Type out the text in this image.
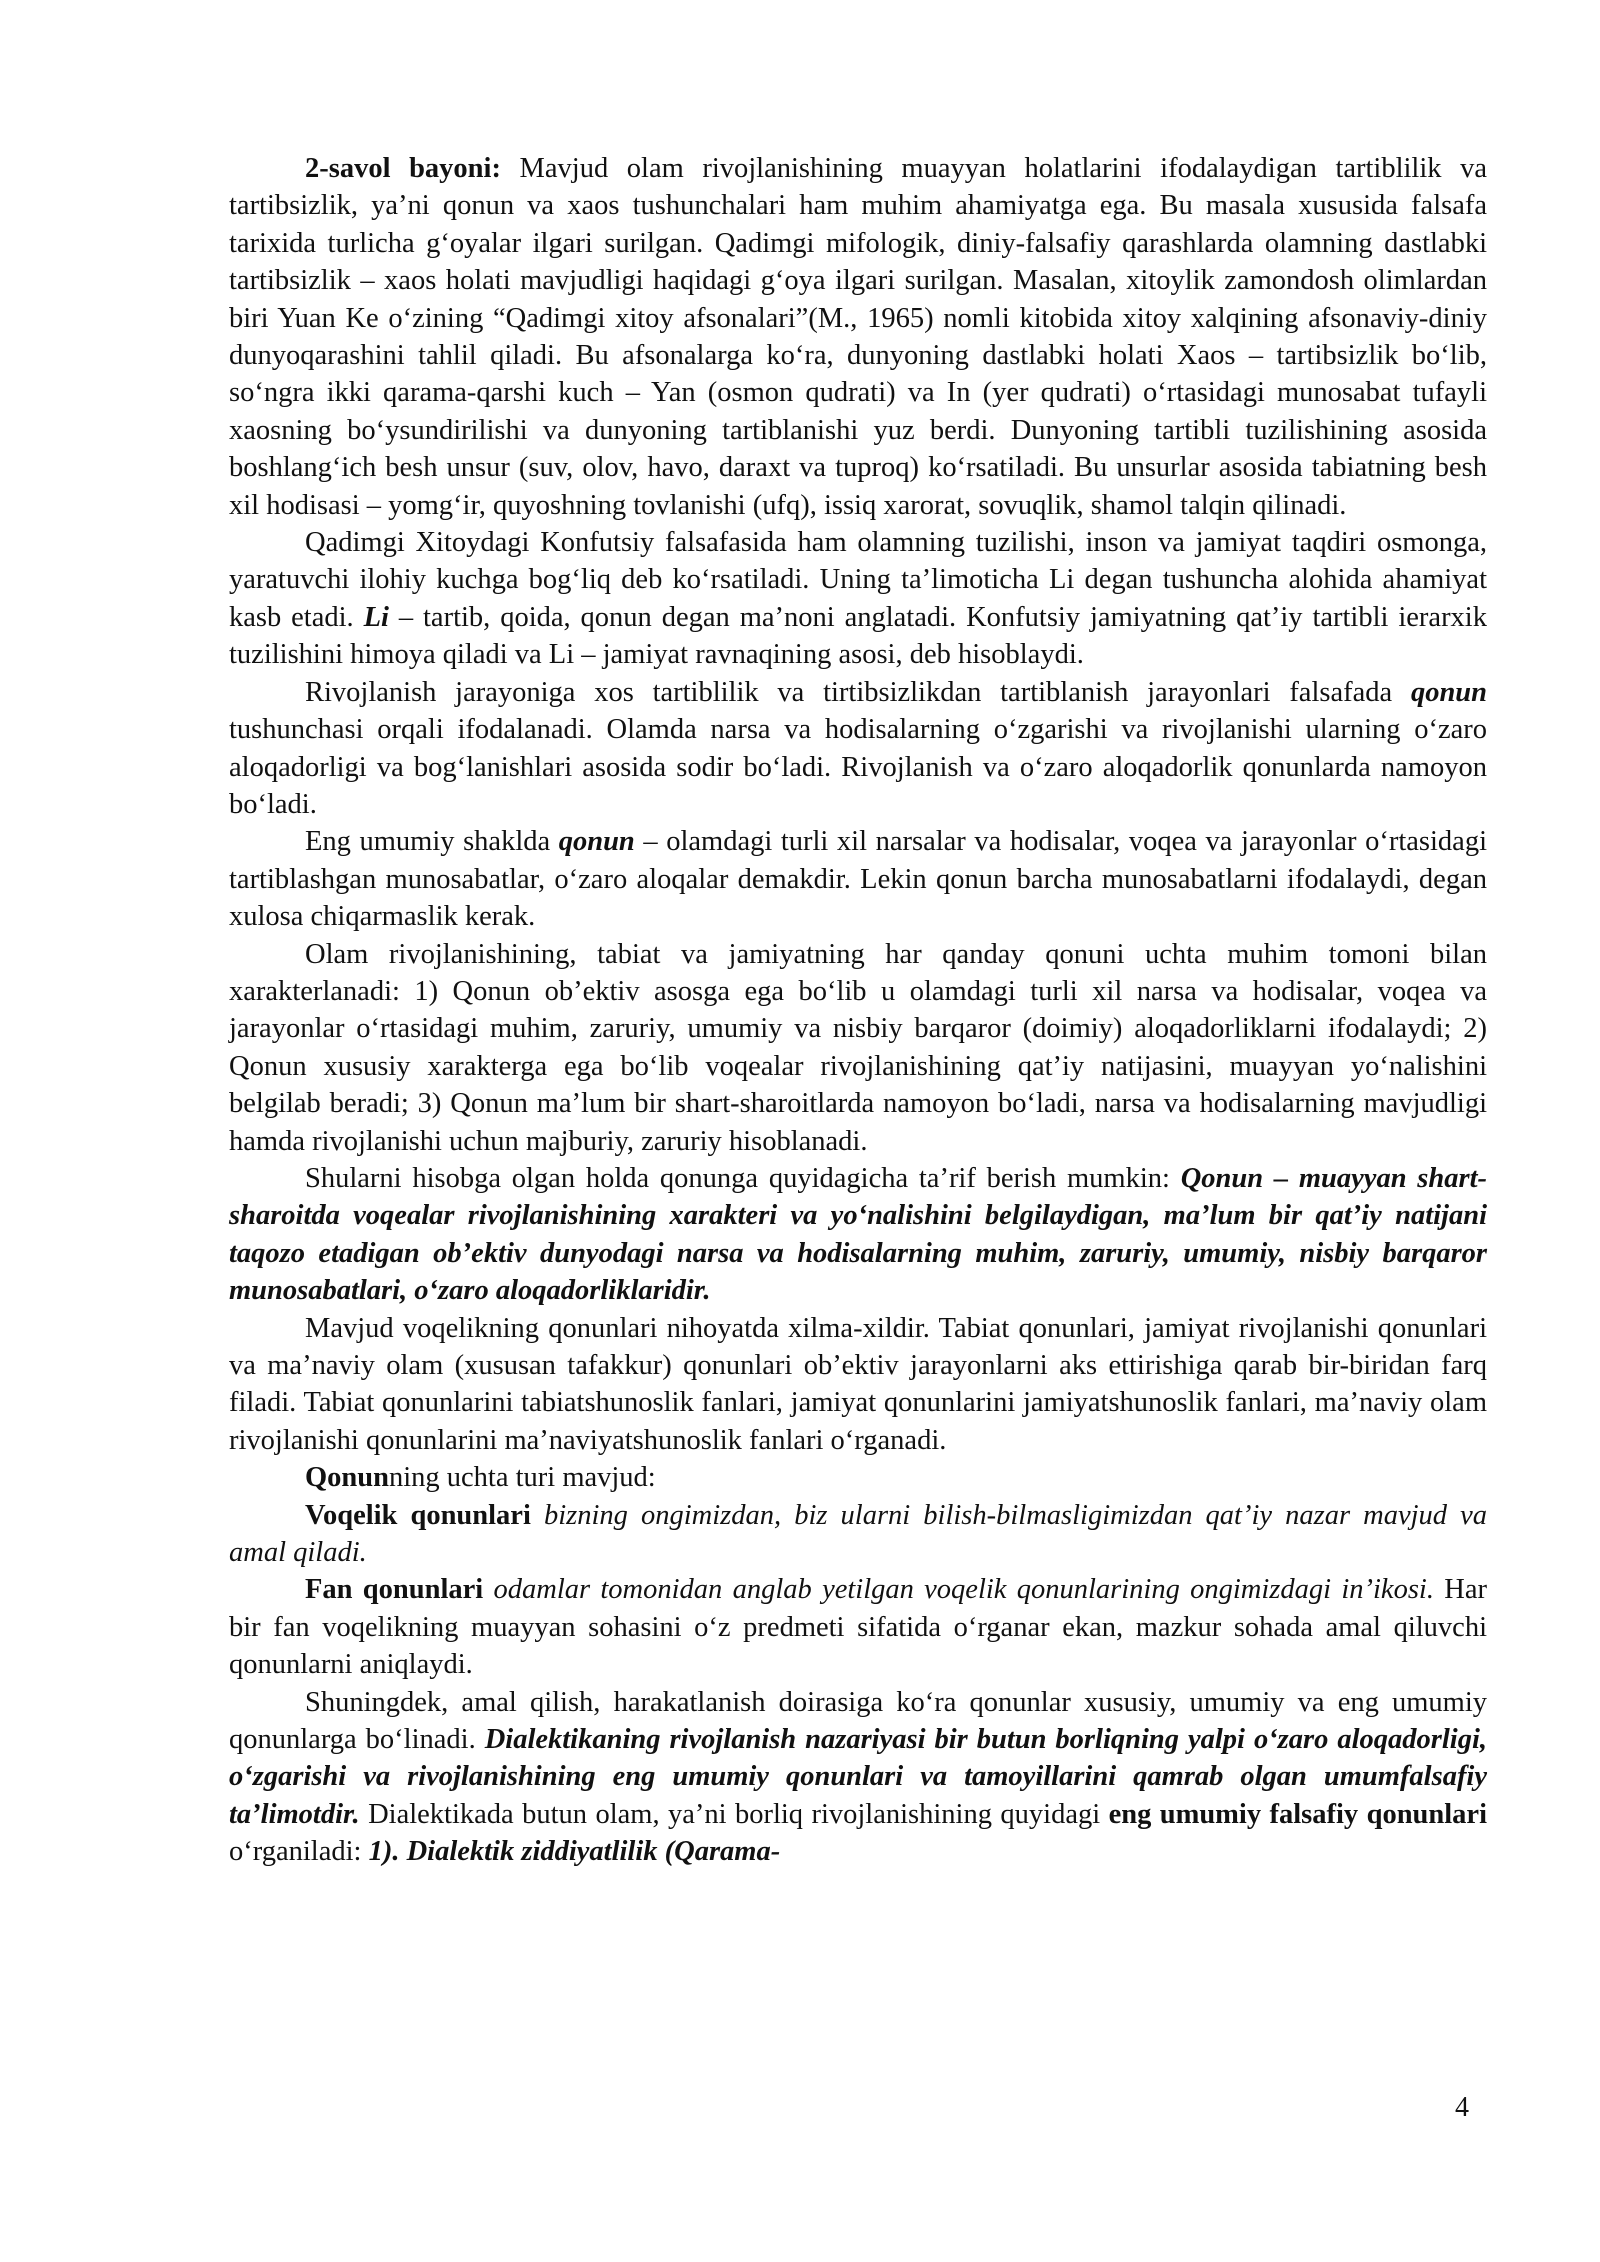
2-savol bayoni: Mavjud olam rivojlanishining muayyan holatlarini ifodalaydigan tartiblilik va tartibsizlik, ya’ni qonun va xaos tushunchalari ham muhim ahamiyatga ega. Bu masala xususida falsafa tarixida turlicha g‘oyalar ilgari surilgan. Qadimgi mifologik, diniy-falsafiy qarashlarda olamning dastlabki tartibsizlik – xaos holati mavjudligi haqidagi g‘oya ilgari surilgan. Masalan, xitoylik zamondosh olimlardan biri Yuan Ke o‘zining “Qadimgi xitoy afsonalari”(M., 1965) nomli kitobida xitoy xalqining afsonaviy-diniy dunyoqarashini tahlil qiladi. Bu afsonalarga ko‘ra, dunyoning dastlabki holati Xaos – tartibsizlik bo‘lib, so‘ngra ikki qarama-qarshi kuch – Yan (osmon qudrati) va In (yer qudrati) o‘rtasidagi munosabat tufayli xaosning bo‘ysundirilishi va dunyoning tartiblanishi yuz berdi. Dunyoning tartibli tuzilishining asosida boshlang‘ich besh unsur (suv, olov, havo, daraxt va tuproq) ko‘rsatiladi. Bu unsurlar asosida tabiatning besh xil hodisasi – yomg‘ir, quyoshning tovlanishi (ufq), issiq xarorat, sovuqlik, shamol talqin qilinadi.

Qadimgi Xitoydagi Konfutsiy falsafasida ham olamning tuzilishi, inson va jamiyat taqdiri osmonga, yaratuvchi ilohiy kuchga bog‘liq deb ko‘rsatiladi. Uning ta’limoticha Li degan tushuncha alohida ahamiyat kasb etadi. Li – tartib, qoida, qonun degan ma’noni anglatadi. Konfutsiy jamiyatning qat’iy tartibli ierarxik tuzilishini himoya qiladi va Li – jamiyat ravnaqining asosi, deb hisoblaydi.

Rivojlanish jarayoniga xos tartiblilik va tirtibsizlikdan tartiblanish jarayonlari falsafada qonun tushunchasi orqali ifodalanadi. Olamda narsa va hodisalarning o‘zgarishi va rivojlanishi ularning o‘zaro aloqadorligi va bog‘lanishlari asosida sodir bo‘ladi. Rivojlanish va o‘zaro aloqadorlik qonunlarda namoyon bo‘ladi.

Eng umumiy shaklda qonun – olamdagi turli xil narsalar va hodisalar, voqea va jarayonlar o‘rtasidagi tartiblashgan munosabatlar, o‘zaro aloqalar demakdir. Lekin qonun barcha munosabatlarni ifodalaydi, degan xulosa chiqarmaslik kerak.

Olam rivojlanishining, tabiat va jamiyatning har qanday qonuni uchta muhim tomoni bilan xarakterlanadi: 1) Qonun ob’ektiv asosga ega bo‘lib u olamdagi turli xil narsa va hodisalar, voqea va jarayonlar o‘rtasidagi muhim, zaruriy, umumiy va nisbiy barqaror (doimiy) aloqadorliklarni ifodalaydi; 2) Qonun xususiy xarakterga ega bo‘lib voqealar rivojlanishining qat’iy natijasini, muayyan yo‘nalishini belgilab beradi; 3) Qonun ma’lum bir shart-sharoitlarda namoyon bo‘ladi, narsa va hodisalarning mavjudligi hamda rivojlanishi uchun majburiy, zaruriy hisoblanadi.

Shularni hisobga olgan holda qonunga quyidagicha ta’rif berish mumkin: Qonun – muayyan shart-sharoitda voqealar rivojlanishining xarakteri va yo‘nalishini belgilaydigan, ma’lum bir qat’iy natijani taqozo etadigan ob’ektiv dunyodagi narsa va hodisalarning muhim, zaruriy, umumiy, nisbiy barqaror munosabatlari, o‘zaro aloqadorliklaridir.

Mavjud voqelikning qonunlari nihoyatda xilma-xildir. Tabiat qonunlari, jamiyat rivojlanishi qonunlari va ma’naviy olam (xususan tafakkur) qonunlari ob’ektiv jarayonlarni aks ettirishiga qarab bir-biridan farq filadi. Tabiat qonunlarini tabiatshunoslik fanlari, jamiyat qonunlarini jamiyatshunoslik fanlari, ma’naviy olam rivojlanishi qonunlarini ma’naviyatshunoslik fanlari o‘rganadi.

Qonunning uchta turi mavjud:

Voqelik qonunlari bizning ongimizdan, biz ularni bilish-bilmasligimizdan qat’iy nazar mavjud va amal qiladi.

Fan qonunlari odamlar tomonidan anglab yetilgan voqelik qonunlarining ongimizdagi in’ikosi. Har bir fan voqelikning muayyan sohasini o‘z predmeti sifatida o‘rganar ekan, mazkur sohada amal qiluvchi qonunlarni aniqlaydi.

Shuningdek, amal qilish, harakatlanish doirasiga ko‘ra qonunlar xususiy, umumiy va eng umumiy qonunlarga bo‘linadi. Dialektikaning rivojlanish nazariyasi bir butun borliqning yalpi o‘zaro aloqadorligi, o‘zgarishi va rivojlanishining eng umumiy qonunlari va tamoyillarini qamrab olgan umumfalsafiy ta’limotdir. Dialektikada butun olam, ya’ni borliq rivojlanishining quyidagi eng umumiy falsafiy qonunlari o‘rganiladi: 1). Dialektik ziddiyatlilik (Qarama-

4
